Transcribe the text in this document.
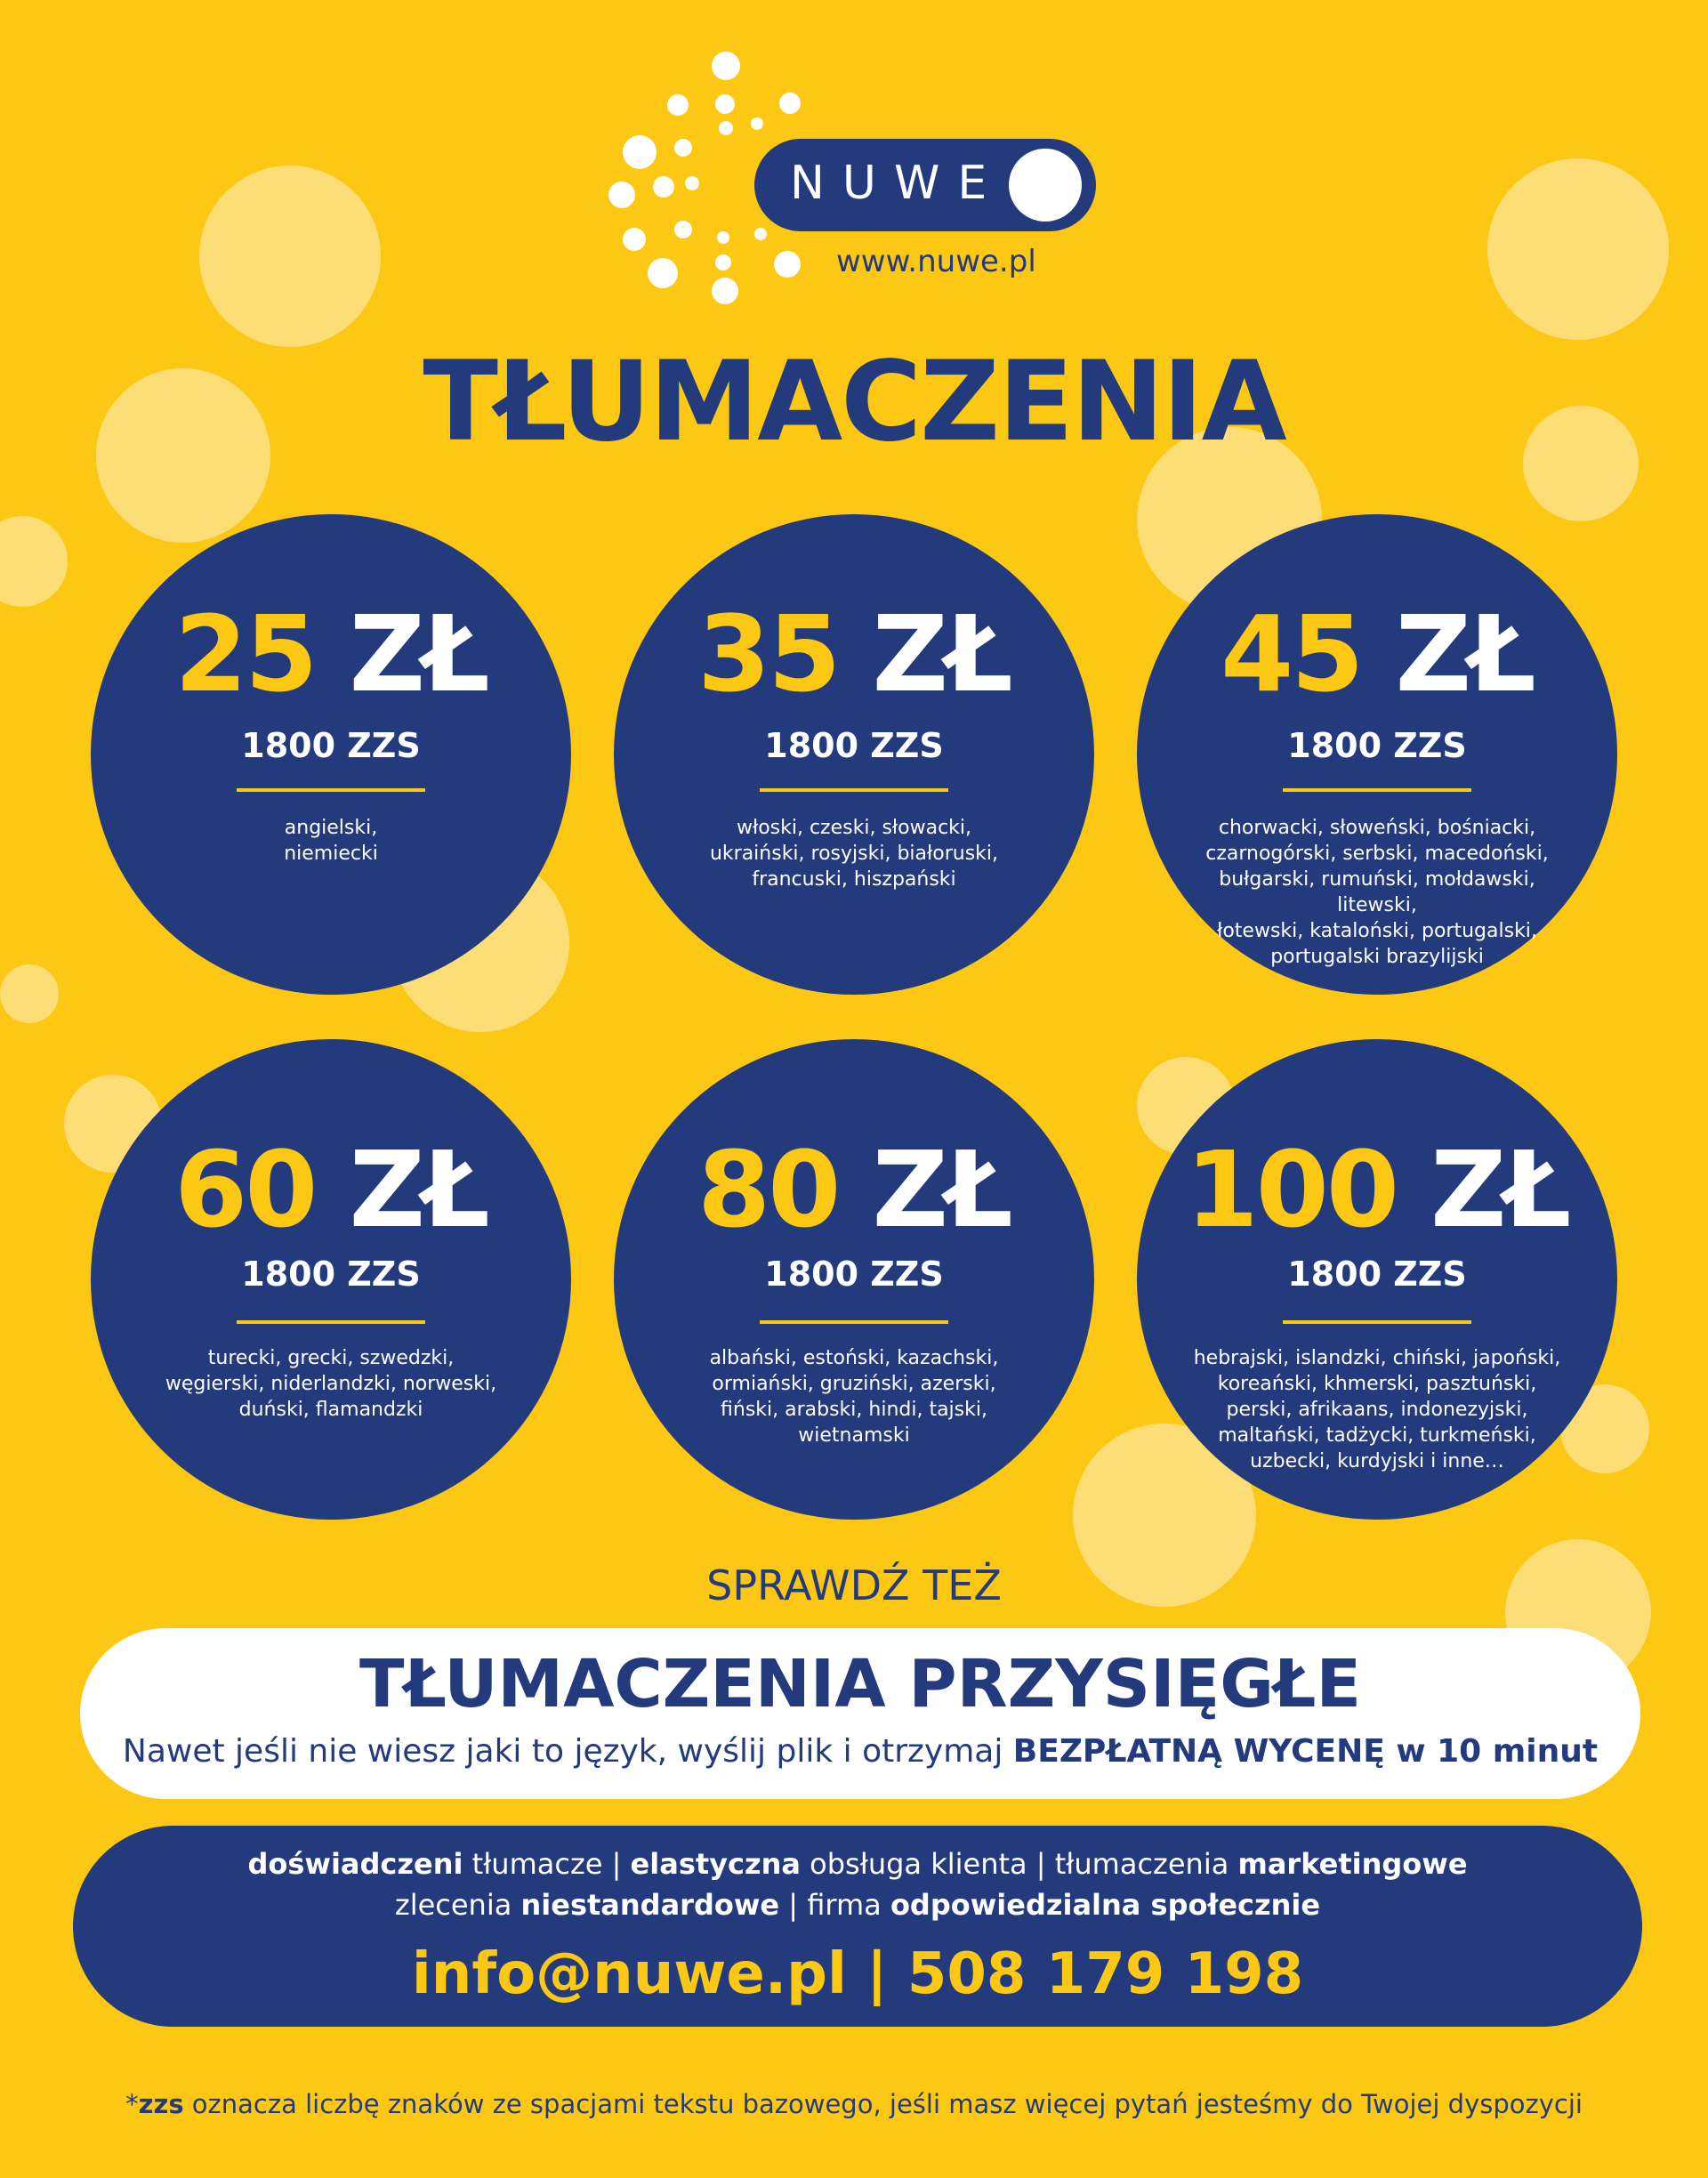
NUWE
www.nuwe.pl
TŁUMACZENIA
25 ZŁ
1800 ZZS
angielski,
niemiecki
35 ZŁ
1800 ZZS
włoski, czeski, słowacki,
ukraiński, rosyjski, białoruski,
francuski, hiszpański
45 ZŁ
1800 ZZS
chorwacki, słoweński, bośniacki,
czarnogórski, serbski, macedoński,
bułgarski, rumuński, mołdawski, litewski,
łotewski, kataloński, portugalski,
portugalski brazylijski
60 ZŁ
1800 ZZS
turecki, grecki, szwedzki,
węgierski, niderlandzki, norweski,
duński, flamandzki
80 ZŁ
1800 ZZS
albański, estoński, kazachski,
ormiański, gruziński, azerski,
fiński, arabski, hindi, tajski,
wietnamski
100 ZŁ
1800 ZZS
hebrajski, islandzki, chiński, japoński,
koreański, khmerski, pasztuński,
perski, afrikaans, indonezyjski,
maltański, tadżycki, turkmeński,
uzbecki, kurdyjski i inne…
SPRAWDŹ TEŻ
TŁUMACZENIA PRZYSIĘGŁE
Nawet jeśli nie wiesz jaki to język, wyślij plik i otrzymaj BEZPŁATNĄ WYCENĘ w 10 minut
doświadczeni tłumacze | elastyczna obsługa klienta | tłumaczenia marketingowe
zlecenia niestandardowe | firma odpowiedzialna społecznie
info@nuwe.pl | 508 179 198
*zzs oznacza liczbę znaków ze spacjami tekstu bazowego, jeśli masz więcej pytań jesteśmy do Twojej dyspozycji
